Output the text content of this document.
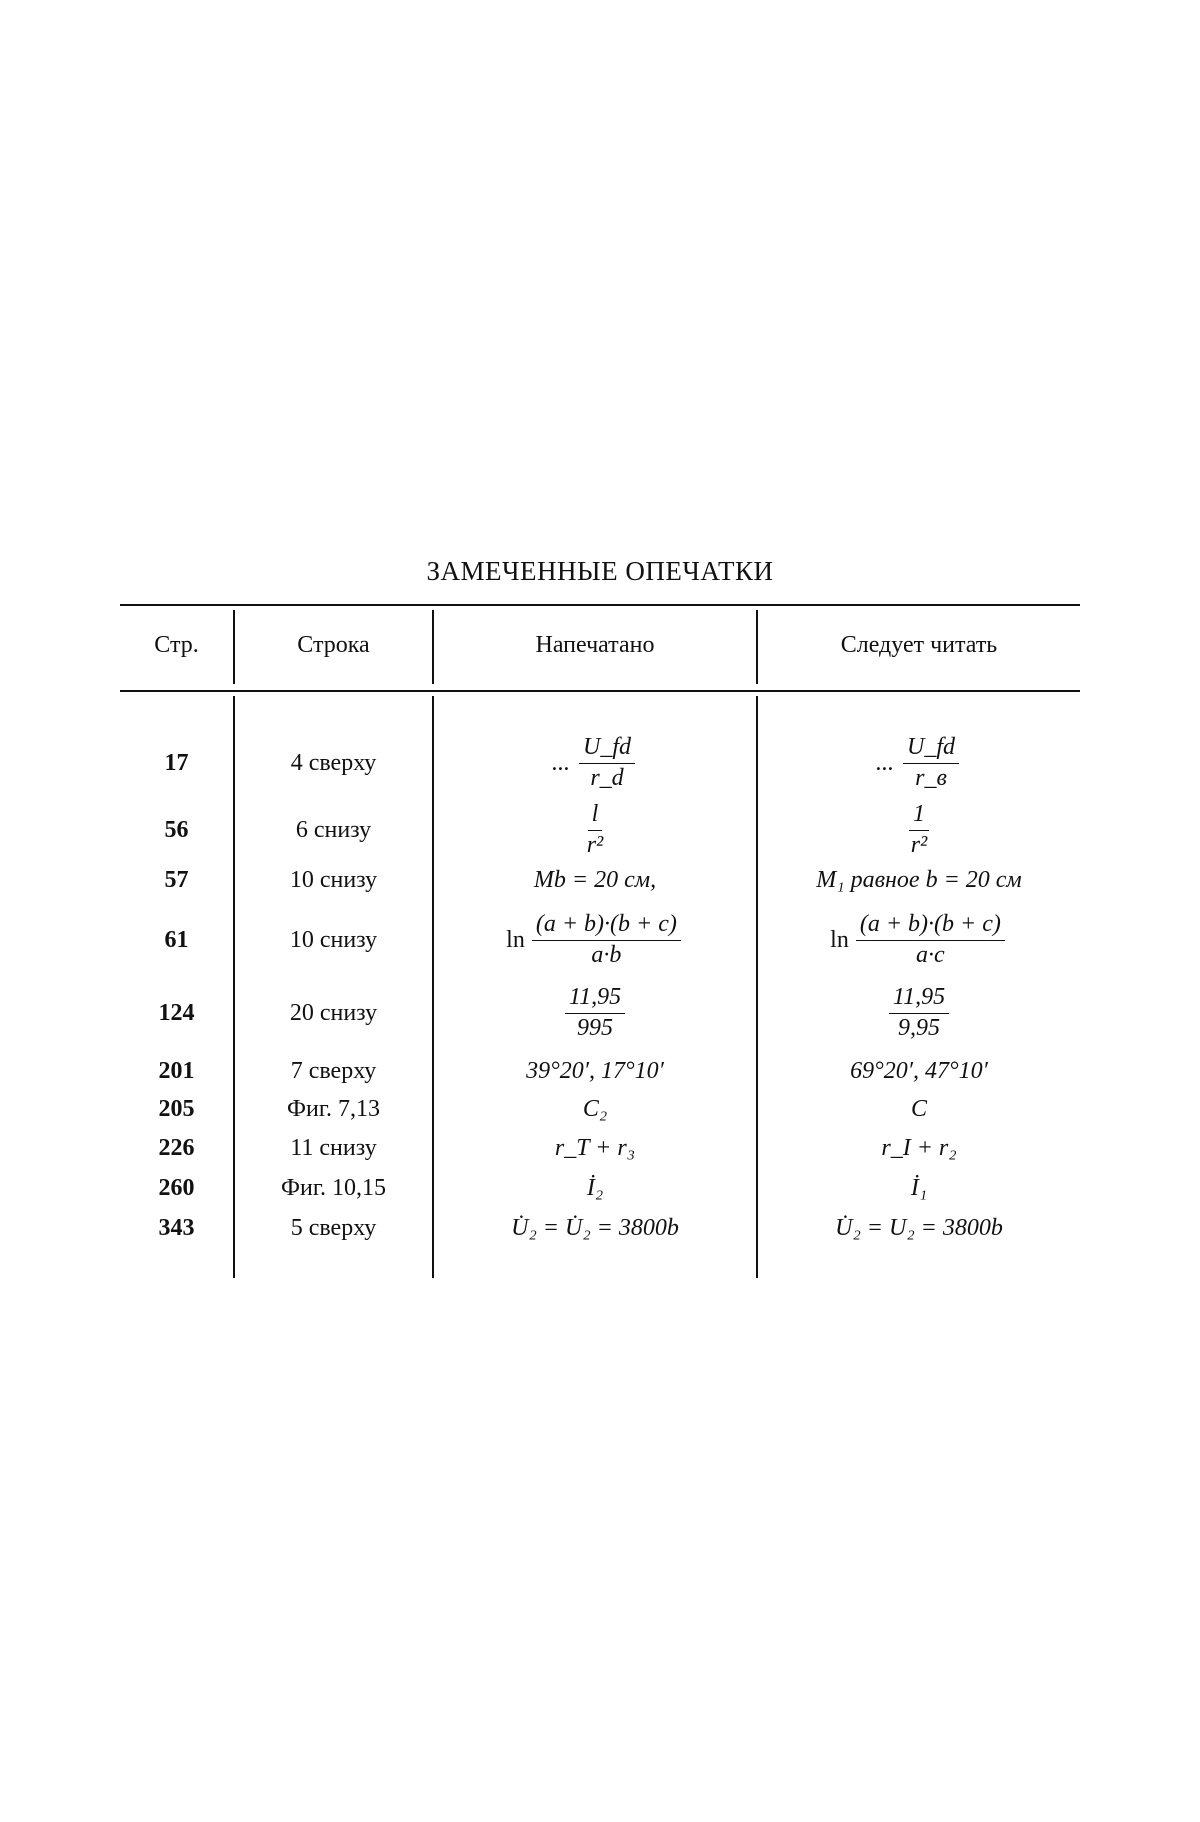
ЗАМЕЧЕННЫЕ ОПЕЧАТКИ
Стр.	Строка	Напечатано	Следует читать
17	4 сверху	... $\frac{U\_fd}{r\_d}$	... $\frac{U\_fd}{r\_в}$
56	6 снизу	$\frac{l}{\text{r²}}$	$\frac{1}{\text{r²}}$
57	10 снизу	Mb = 20 см,	M₁ равное b = 20 см
61	10 снизу	$\ln \frac{(a + b)\cdot(b + c)}{a\cdot b}$	$\ln \frac{(a + b)\cdot(b + c)}{a\cdot c}$
124	20 снизу	$\frac{11,95}{995}$	$\frac{11,95}{9,95}$
201	7 сверху	39°20′, 17°10′	69°20′, 47°10′
205	Фиг. 7,13	C₂	C
226	11 снизу	r_T + r₃	r_I + r₂
260	Фиг. 10,15	İ₂	İ₁
343	5 сверху	U̇₂ = U̇₂ = 3800b	U̇₂ = U₂ = 3800b
